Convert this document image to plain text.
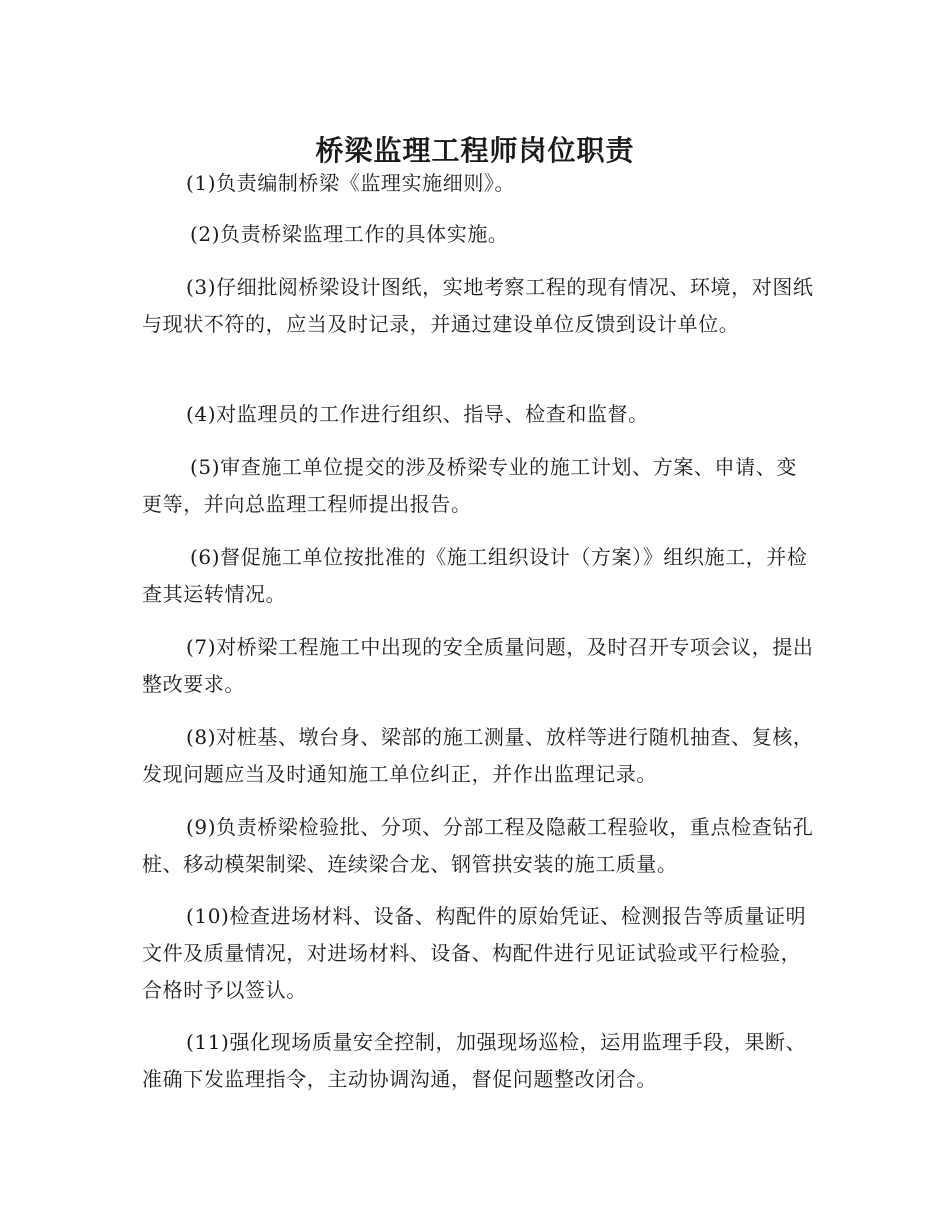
桥梁监理工程师岗位职责

(1)负责编制桥梁《监理实施细则》。

(2)负责桥梁监理工作的具体实施。

(3)仔细批阅桥梁设计图纸，实地考察工程的现有情况、环境，对图纸与现状不符的，应当及时记录，并通过建设单位反馈到设计单位。

(4)对监理员的工作进行组织、指导、检查和监督。

(5)审查施工单位提交的涉及桥梁专业的施工计划、方案、申请、变更等，并向总监理工程师提出报告。

(6)督促施工单位按批准的《施工组织设计（方案）》组织施工，并检查其运转情况。

(7)对桥梁工程施工中出现的安全质量问题，及时召开专项会议，提出整改要求。

(8)对桩基、墩台身、梁部的施工测量、放样等进行随机抽查、复核，发现问题应当及时通知施工单位纠正，并作出监理记录。

(9)负责桥梁检验批、分项、分部工程及隐蔽工程验收，重点检查钻孔桩、移动模架制梁、连续梁合龙、钢管拱安装的施工质量。

(10)检查进场材料、设备、构配件的原始凭证、检测报告等质量证明文件及质量情况，对进场材料、设备、构配件进行见证试验或平行检验，合格时予以签认。

(11)强化现场质量安全控制，加强现场巡检，运用监理手段，果断、准确下发监理指令，主动协调沟通，督促问题整改闭合。
